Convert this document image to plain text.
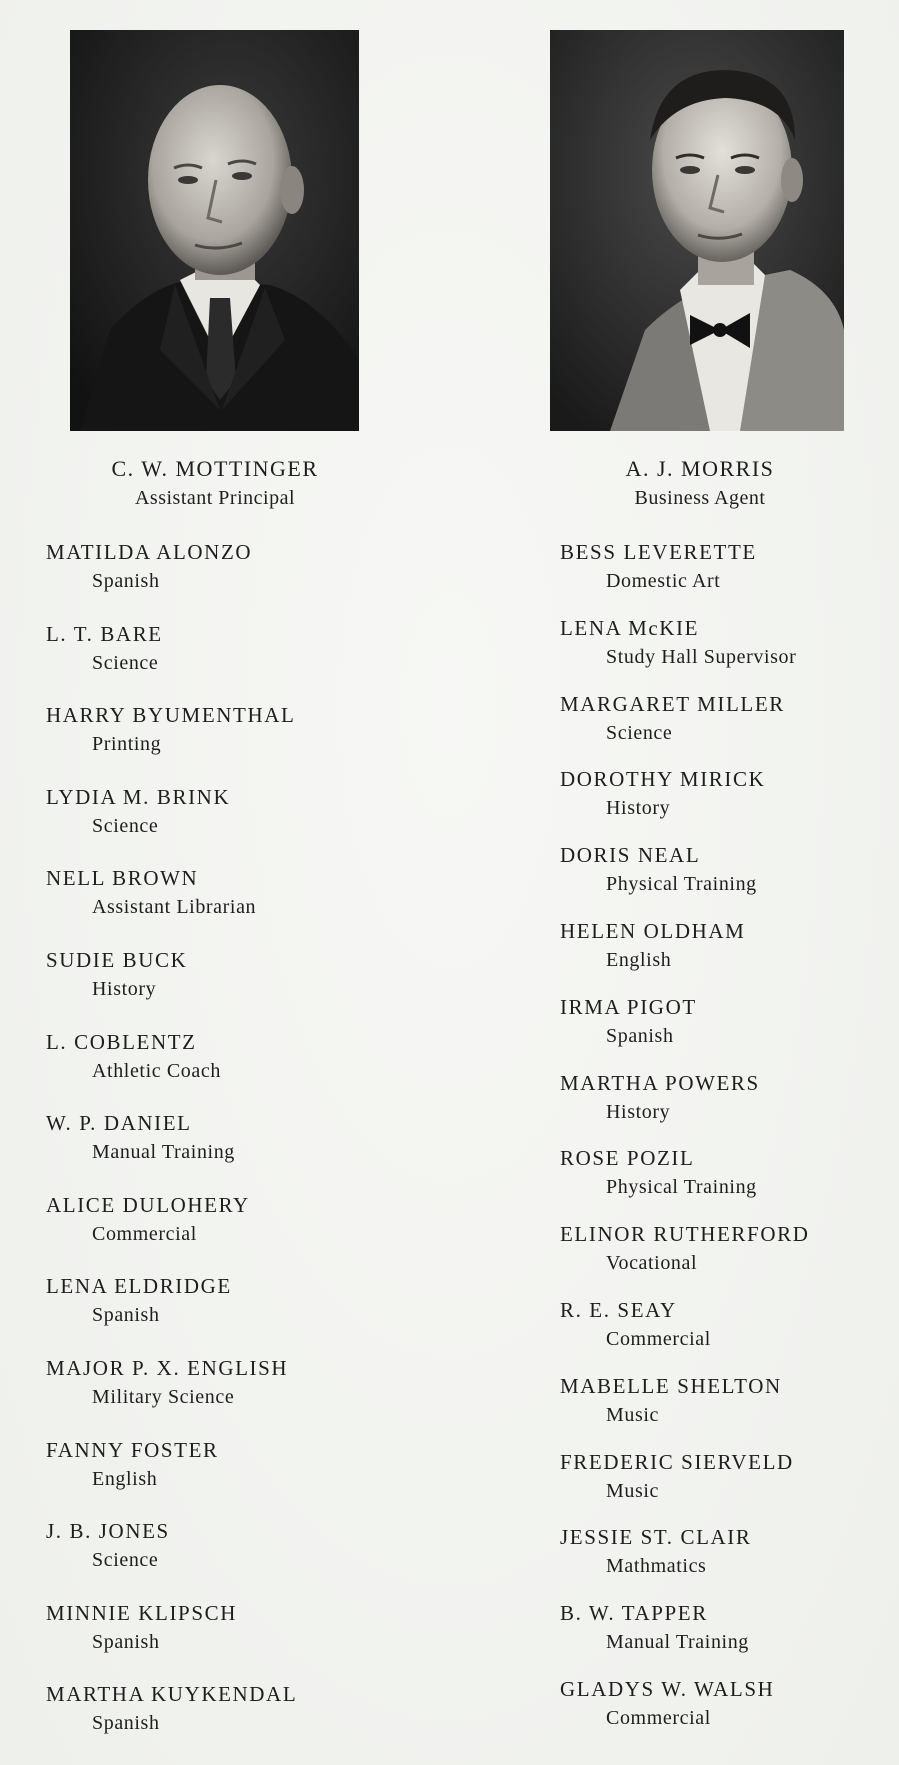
C. W. MOTTINGER
Assistant Principal
A. J. MORRIS
Business Agent
MATILDA ALONZO
Spanish
L. T. BARE
Science
HARRY BYUMENTHAL
Printing
LYDIA M. BRINK
Science
NELL BROWN
Assistant Librarian
SUDIE BUCK
History
L. COBLENTZ
Athletic Coach
W. P. DANIEL
Manual Training
ALICE DULOHERY
Commercial
LENA ELDRIDGE
Spanish
MAJOR P. X. ENGLISH
Military Science
FANNY FOSTER
English
J. B. JONES
Science
MINNIE KLIPSCH
Spanish
MARTHA KUYKENDAL
Spanish
BESS LEVERETTE
Domestic Art
LENA McKIE
Study Hall Supervisor
MARGARET MILLER
Science
DOROTHY MIRICK
History
DORIS NEAL
Physical Training
HELEN OLDHAM
English
IRMA PIGOT
Spanish
MARTHA POWERS
History
ROSE POZIL
Physical Training
ELINOR RUTHERFORD
Vocational
R. E. SEAY
Commercial
MABELLE SHELTON
Music
FREDERIC SIERVELD
Music
JESSIE ST. CLAIR
Mathmatics
B. W. TAPPER
Manual Training
GLADYS W. WALSH
Commercial
